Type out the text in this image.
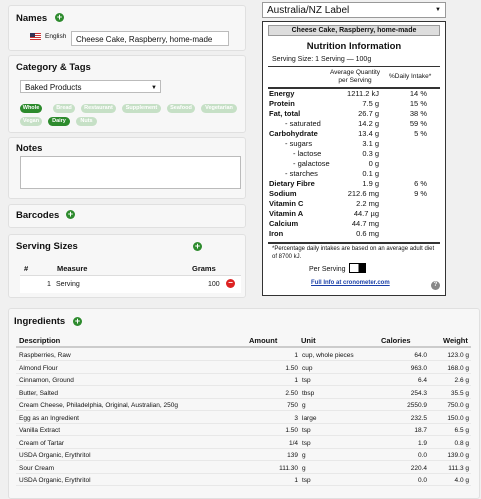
Names +
English	Cheese Cake, Raspberry, home-made
Category & Tags
Baked Products	▼
Whole	Bread	Restaurant	Supplement	Seafood	Vegetarian
Vegan	Dairy	Nuts
Notes
Barcodes +
Serving Sizes	+
#	Measure	Grams
1 Serving	100 −
Australia/NZ Label	▼
Cheese Cake, Raspberry, home-made
Nutrition Information
Serving Size: 1 Serving — 100g
Average Quantity per Serving
%Daily Intake*
Energy	1211.2 kJ	14 %
Protein	7.5 g	15 %
Fat, total	26.7 g	38 %
- saturated	14.2 g	59 %
Carbohydrate	13.4 g	5 %
- sugars	3.1 g
- lactose	0.3 g
- galactose	0 g
- starches	0.1 g
Dietary Fibre	1.9 g	6 %
Sodium	212.6 mg	9 %
Vitamin C	2.2 mg
Vitamin A	44.7 µg
Calcium	44.7 mg
Iron	0.6 mg
*Percentage daily intakes are based on an average adult diet of 8700 kJ.
Per Serving
Full Info at cronometer.com	?
Ingredients +
Description	Amount	Unit	Calories	Weight
Raspberries, Raw	1 cup, whole pieces	64.0	123.0 g
Almond Flour	1.50 cup	963.0	168.0 g
Cinnamon, Ground	1 tsp	6.4	2.6 g
Butter, Salted	2.50 tbsp	254.3	35.5 g
Cream Cheese, Philadelphia, Original, Australian, 250g	750 g	2550.9	750.0 g
Egg as an Ingredient	3 large	232.5	150.0 g
Vanilla Extract	1.50 tsp	18.7	6.5 g
Cream of Tartar	1/4 tsp	1.9	0.8 g
USDA Organic, Erythritol	139 g	0.0	139.0 g
Sour Cream	111.30 g	220.4	111.3 g
USDA Organic, Erythritol	1 tsp	0.0	4.0 g
